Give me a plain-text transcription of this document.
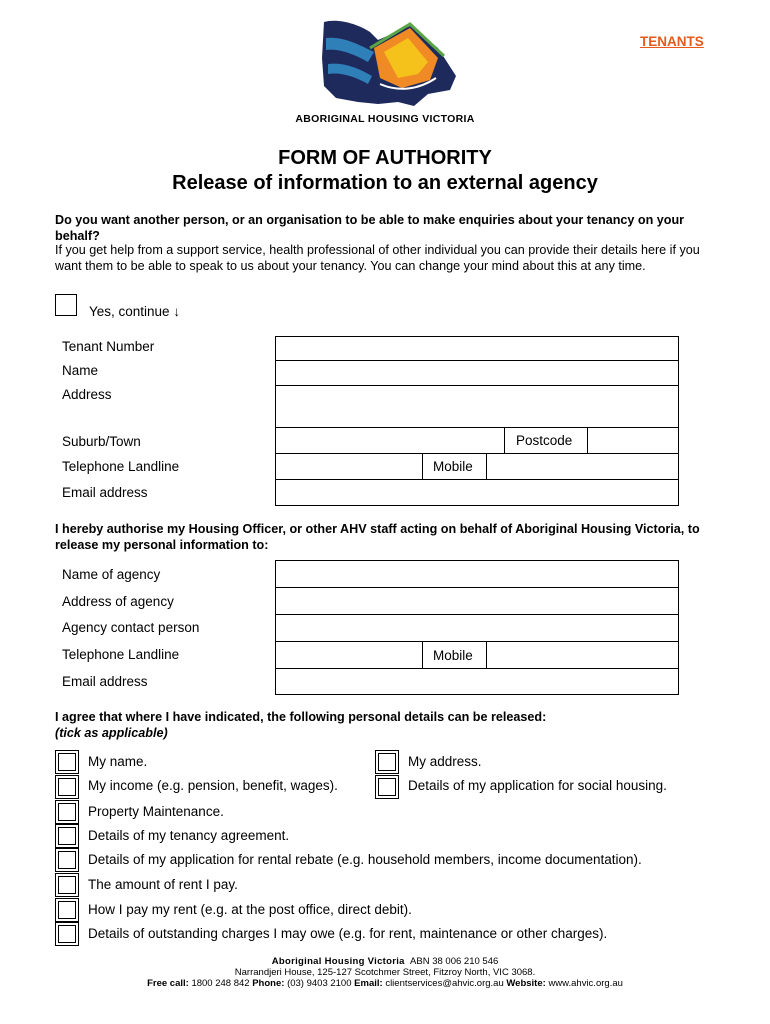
TENANTS
ABORIGINAL HOUSING VICTORIA
FORM OF AUTHORITY
Release of information to an external agency
Do you want another person, or an organisation to be able to make enquiries about your tenancy on your behalf?
If you get help from a support service, health professional of other individual you can provide their details here if you want them to be able to speak to us about your tenancy. You can change your mind about this at any time.
Yes, continue ↓
Tenant Number
Name
Address
Suburb/Town
Telephone Landline
Email address
Postcode
Mobile
I hereby authorise my Housing Officer, or other AHV staff acting on behalf of Aboriginal Housing Victoria, to release my personal information to:
Name of agency
Address of agency
Agency contact person
Telephone Landline
Email address
Mobile
I agree that where I have indicated, the following personal details can be released:
(tick as applicable)
My name.
My income (e.g. pension, benefit, wages).
My address.
Details of my application for social housing.
Property Maintenance.
Details of my tenancy agreement.
Details of my application for rental rebate (e.g. household members, income documentation).
The amount of rent I pay.
How I pay my rent (e.g. at the post office, direct debit).
Details of outstanding charges I may owe (e.g. for rent, maintenance or other charges).
Aboriginal Housing Victoria ABN 38 006 210 546
Narrandjeri House, 125-127 Scotchmer Street, Fitzroy North, VIC 3068.
Free call: 1800 248 842 Phone: (03) 9403 2100 Email: clientservices@ahvic.org.au Website: www.ahvic.org.au
